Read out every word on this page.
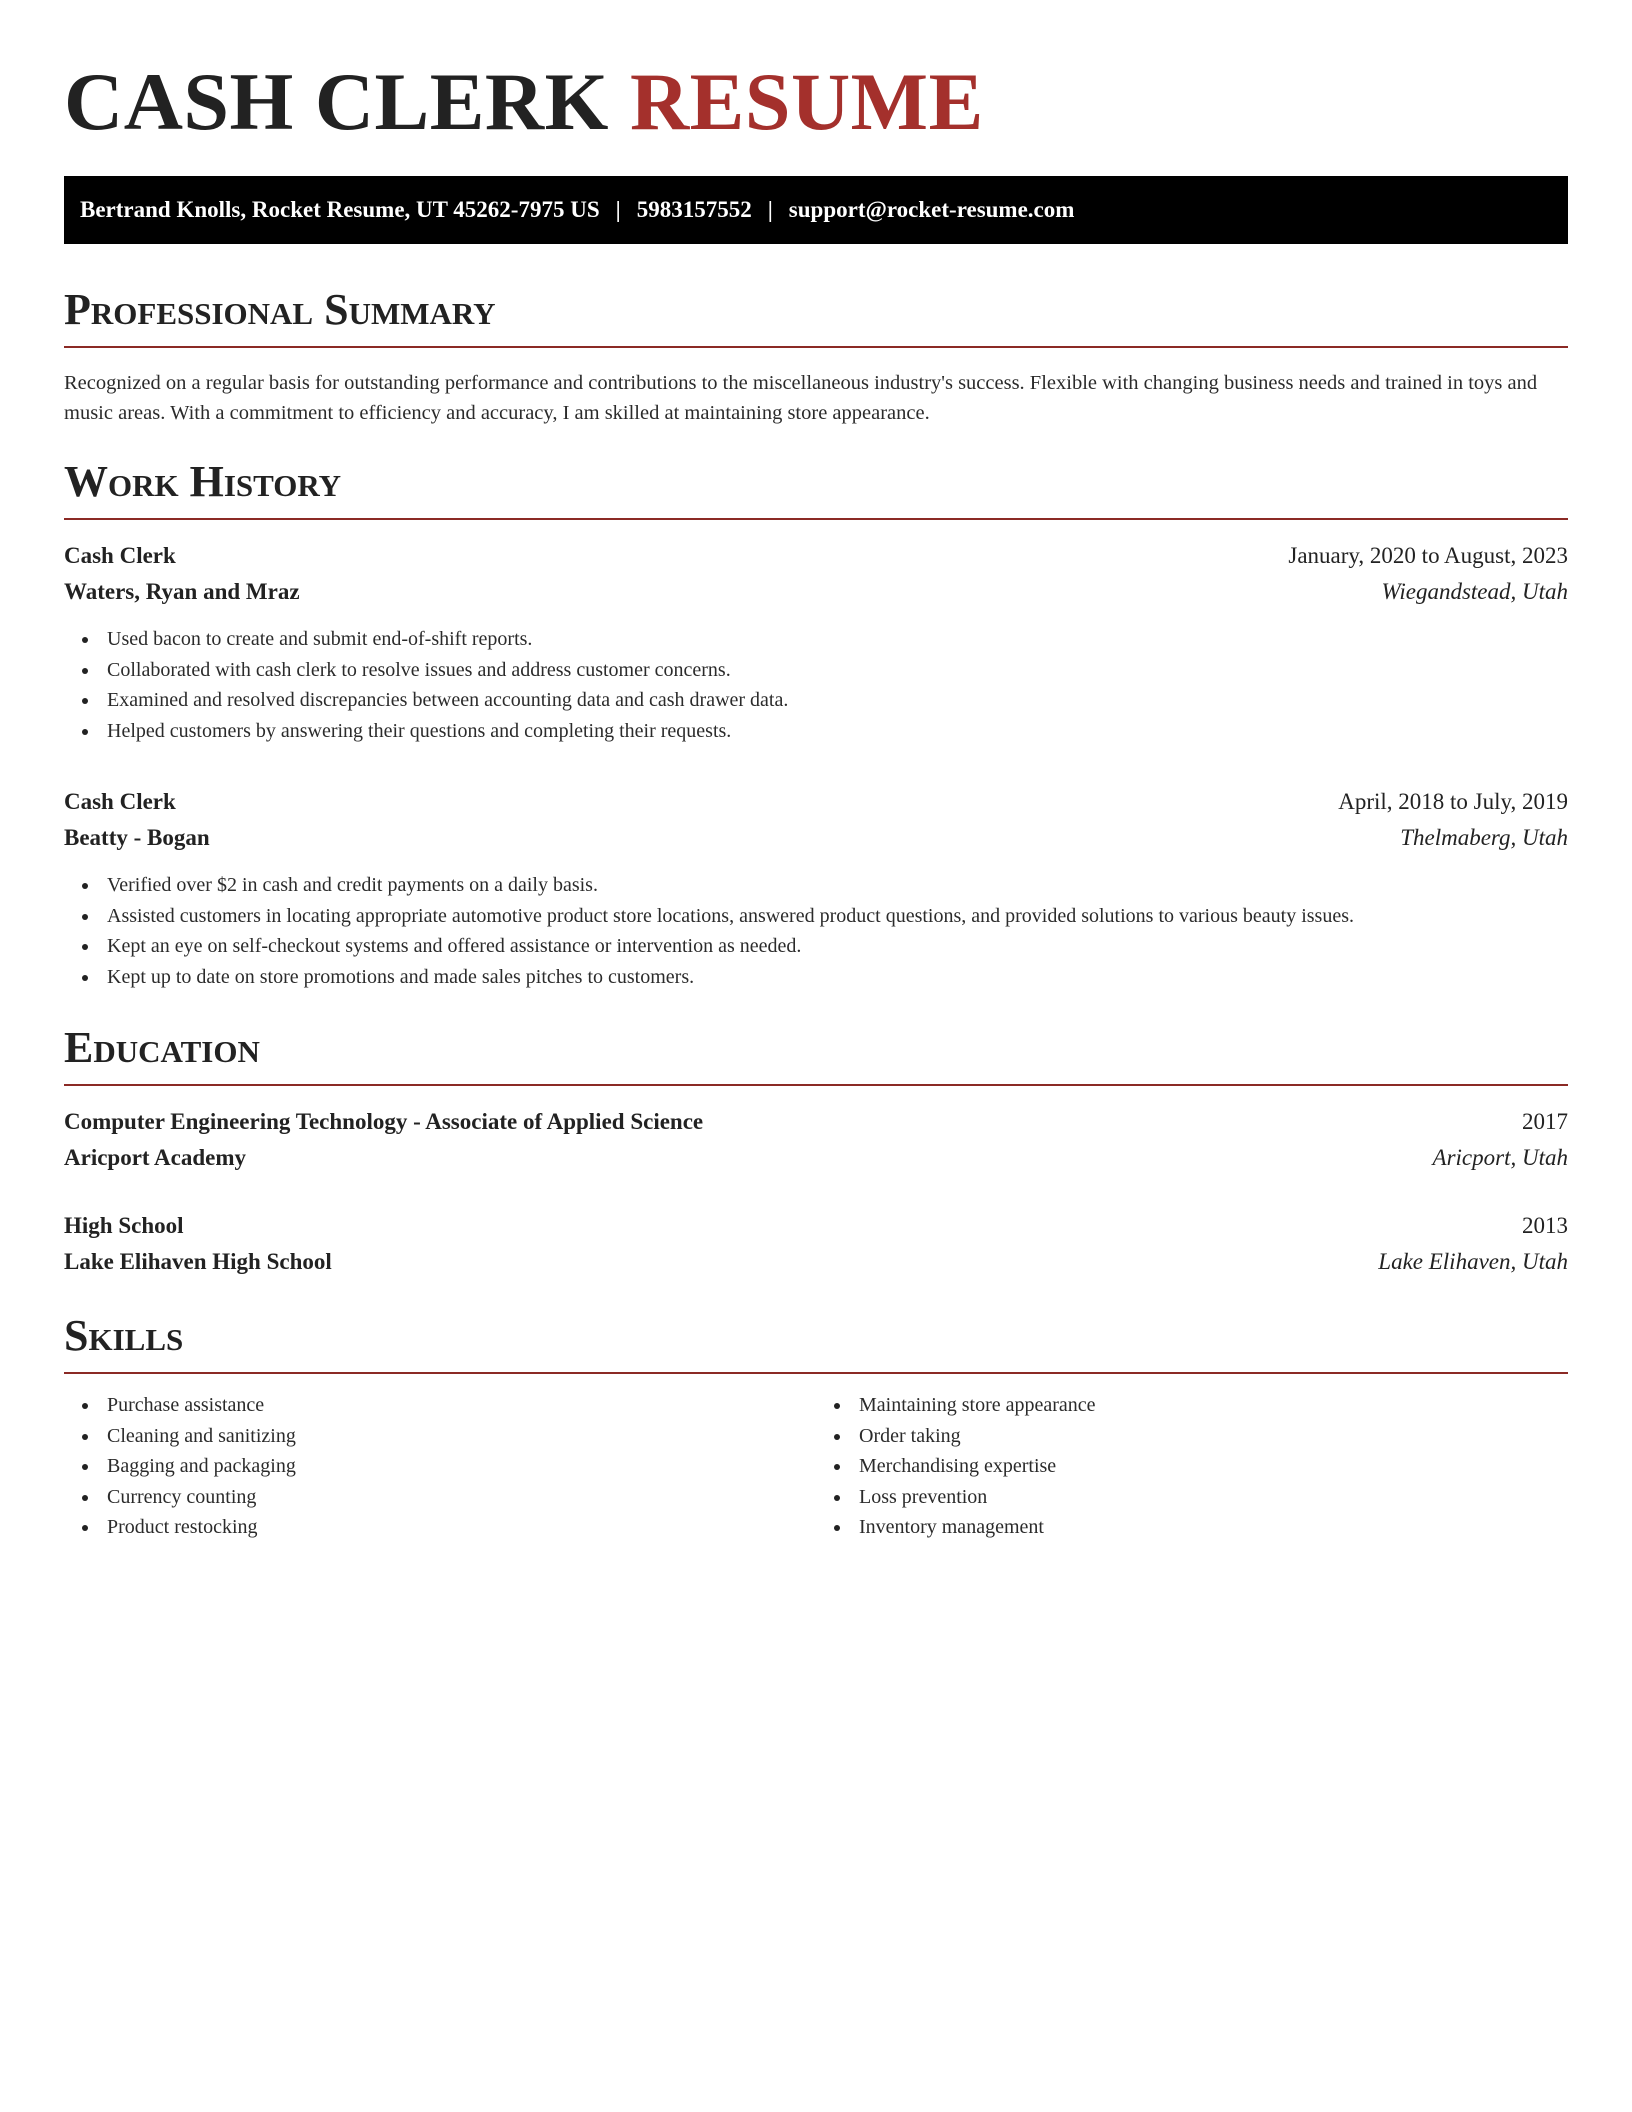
CASH CLERK RESUME
Bertrand Knolls, Rocket Resume, UT 45262-7975 US | 5983157552 | support@rocket-resume.com
Professional Summary

Recognized on a regular basis for outstanding performance and contributions to the miscellaneous industry's success. Flexible with changing business needs and trained in toys and music areas. With a commitment to efficiency and accuracy, I am skilled at maintaining store appearance.

Work History
Cash Clerk	January, 2020 to August, 2023
Waters, Ryan and Mraz	Wiegandstead, Utah
Used bacon to create and submit end-of-shift reports.
Collaborated with cash clerk to resolve issues and address customer concerns.
Examined and resolved discrepancies between accounting data and cash drawer data.
Helped customers by answering their questions and completing their requests.
Cash Clerk	April, 2018 to July, 2019
Beatty - Bogan	Thelmaberg, Utah
Verified over $2 in cash and credit payments on a daily basis.
Assisted customers in locating appropriate automotive product store locations, answered product questions, and provided solutions to various beauty issues.
Kept an eye on self-checkout systems and offered assistance or intervention as needed.
Kept up to date on store promotions and made sales pitches to customers.
Education
Computer Engineering Technology - Associate of Applied Science	2017
Aricport Academy	Aricport, Utah
High School	2013
Lake Elihaven High School	Lake Elihaven, Utah
Skills
Purchase assistance
Cleaning and sanitizing
Bagging and packaging
Currency counting
Product restocking
Maintaining store appearance
Order taking
Merchandising expertise
Loss prevention
Inventory management
